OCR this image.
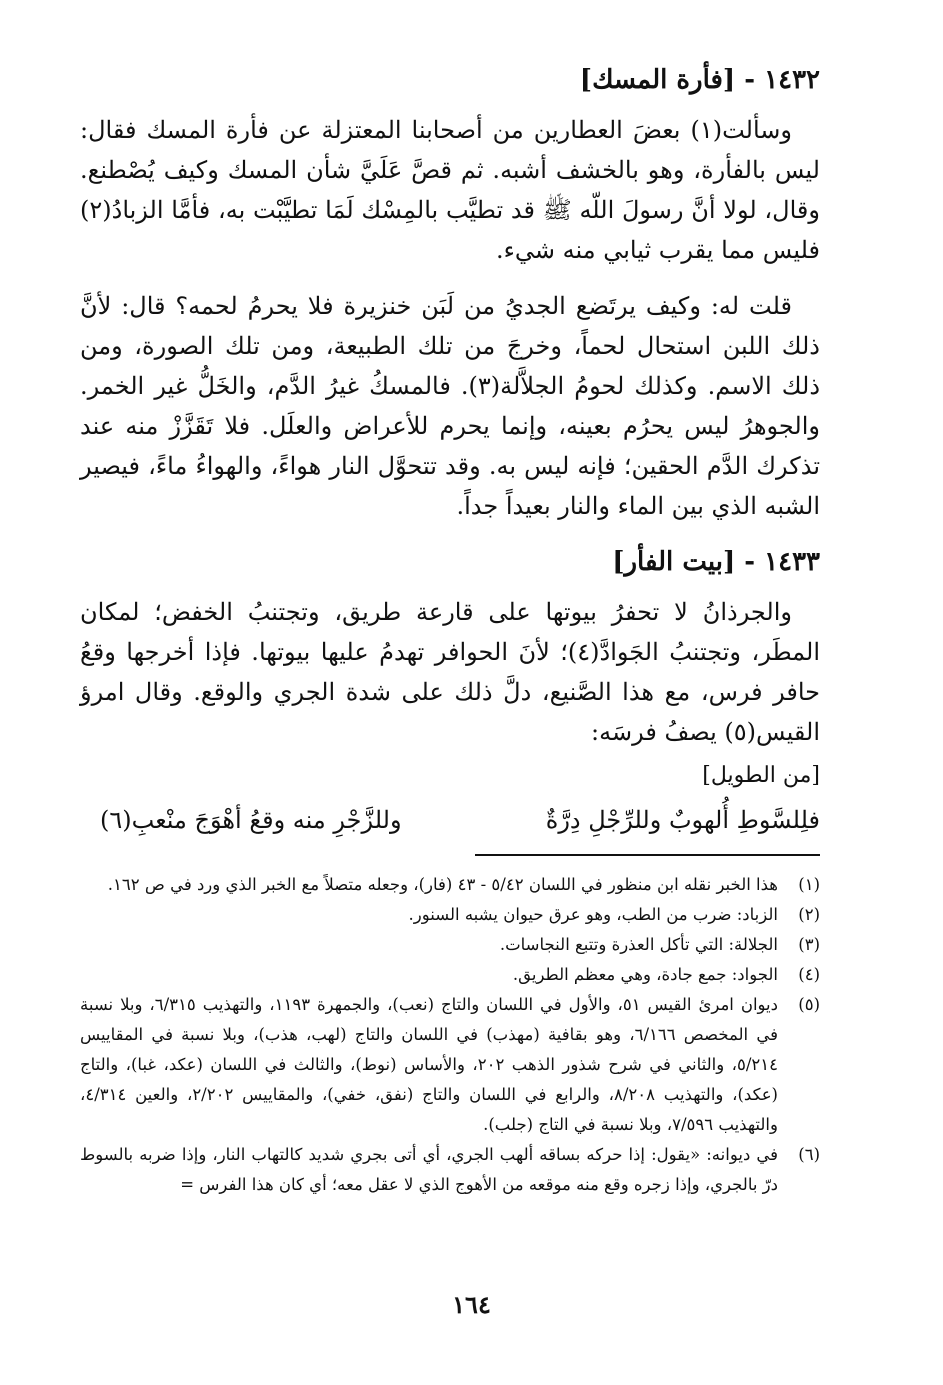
١٤٣٢ - [فأرة المسك]

وسألت(١) بعضَ العطارين من أصحابنا المعتزلة عن فأرة المسك فقال: ليس بالفأرة، وهو بالخشف أشبه. ثم قصَّ عَلَيَّ شأن المسك وكيف يُصْطنع. وقال، لولا أنَّ رسولَ اللّه ﷺ قد تطيَّب بالمِسْك لَمَا تطيَّبْت به، فأمَّا الزبادُ(٢) فليس مما يقرب ثيابي منه شيء.

قلت له: وكيف يرتَضع الجديُ من لَبَن خنزيرة فلا يحرمُ لحمه؟ قال: لأنَّ ذلك اللبن استحال لحماً، وخرجَ من تلك الطبيعة، ومن تلك الصورة، ومن ذلك الاسم. وكذلك لحومُ الجلاَّلة(٣). فالمسكُ غيرُ الدَّم، والخَلُّ غير الخمر. والجوهرُ ليس يحرُم بعينه، وإنما يحرم للأعراض والعلَل. فلا تَقَزَّزْ منه عند تذكرك الدَّم الحقين؛ فإنه ليس به. وقد تتحوَّل النار هواءً، والهواءُ ماءً، فيصير الشبه الذي بين الماء والنار بعيداً جداً.

١٤٣٣ - [بيت الفأر]

والجرذانُ لا تحفرُ بيوتها على قارعة طريق، وتجتنبُ الخفض؛ لمكان المطَر، وتجتنبُ الجَوادَّ(٤)؛ لأنَ الحوافر تهدمُ عليها بيوتها. فإذا أخرجها وقعُ حافر فرس، مع هذا الصَّنيع، دلَّ ذلك على شدة الجري والوقع. وقال امرؤ القيس(٥) يصفُ فرسَه:

[من الطويل]
فلِلسَّوطِ أُلهوبٌ وللرِّجْلِ دِرَّةٌ
وللزَّجْرِ منه وقعُ أهْوَجَ منْعبِ(٦)
(١)
هذا الخبر نقله ابن منظور في اللسان ٥/٤٢ - ٤٣ (فار)، وجعله متصلاً مع الخبر الذي ورد في ص ١٦٢.
(٢)
الزباد: ضرب من الطب، وهو عرق حيوان يشبه السنور.
(٣)
الجلالة: التي تأكل العذرة وتتبع النجاسات.
(٤)
الجواد: جمع جادة، وهي معظم الطريق.
(٥)
ديوان امرئ القيس ٥١، والأول في اللسان والتاج (نعب)، والجمهرة ١١٩٣، والتهذيب ٦/٣١٥، وبلا نسبة في المخصص ٦/١٦٦، وهو بقافية (مهذب) في اللسان والتاج (لهب، هذب)، وبلا نسبة في المقاييس ٥/٢١٤، والثاني في شرح شذور الذهب ٢٠٢، والأساس (نوط)، والثالث في اللسان (عكد، غبا)، والتاج (عكد)، والتهذيب ٨/٢٠٨، والرابع في اللسان والتاج (نفق، خفي)، والمقاييس ٢/٢٠٢، والعين ٤/٣١٤، والتهذيب ٧/٥٩٦، وبلا نسبة في التاج (جلب).
(٦)
في ديوانه: «يقول: إذا حركه بساقه ألهب الجري، أي أتى بجري شديد كالتهاب النار، وإذا ضربه بالسوط درّ بالجري، وإذا زجره وقع منه موقعه من الأهوج الذي لا عقل معه؛ أي كان هذا الفرس =
١٦٤
